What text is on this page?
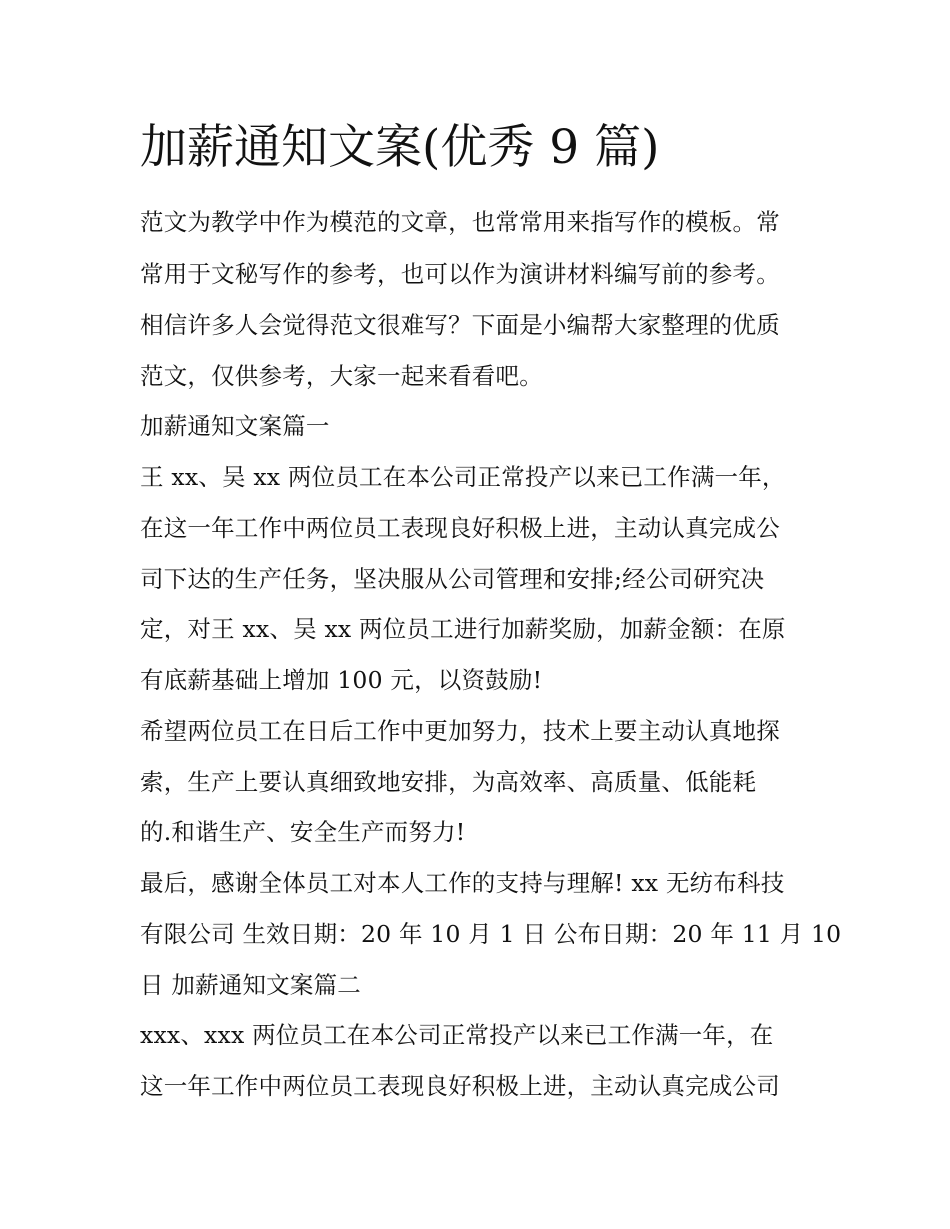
加薪通知文案(优秀 9 篇)

范文为教学中作为模范的文章，也常常用来指写作的模板。常

常用于文秘写作的参考，也可以作为演讲材料编写前的参考。

相信许多人会觉得范文很难写？下面是小编帮大家整理的优质

范文，仅供参考，大家一起来看看吧。

加薪通知文案篇一

王 xx、吴 xx 两位员工在本公司正常投产以来已工作满一年，

在这一年工作中两位员工表现良好积极上进，主动认真完成公

司下达的生产任务，坚决服从公司管理和安排;经公司研究决

定，对王 xx、吴 xx 两位员工进行加薪奖励，加薪金额：在原

有底薪基础上增加 100 元，以资鼓励!

希望两位员工在日后工作中更加努力，技术上要主动认真地探

索，生产上要认真细致地安排，为高效率、高质量、低能耗

的.和谐生产、安全生产而努力!

最后，感谢全体员工对本人工作的支持与理解! xx 无纺布科技

有限公司 生效日期：20 年 10 月 1 日 公布日期：20 年 11 月 10

日 加薪通知文案篇二

xxx、xxx 两位员工在本公司正常投产以来已工作满一年，在

这一年工作中两位员工表现良好积极上进，主动认真完成公司
